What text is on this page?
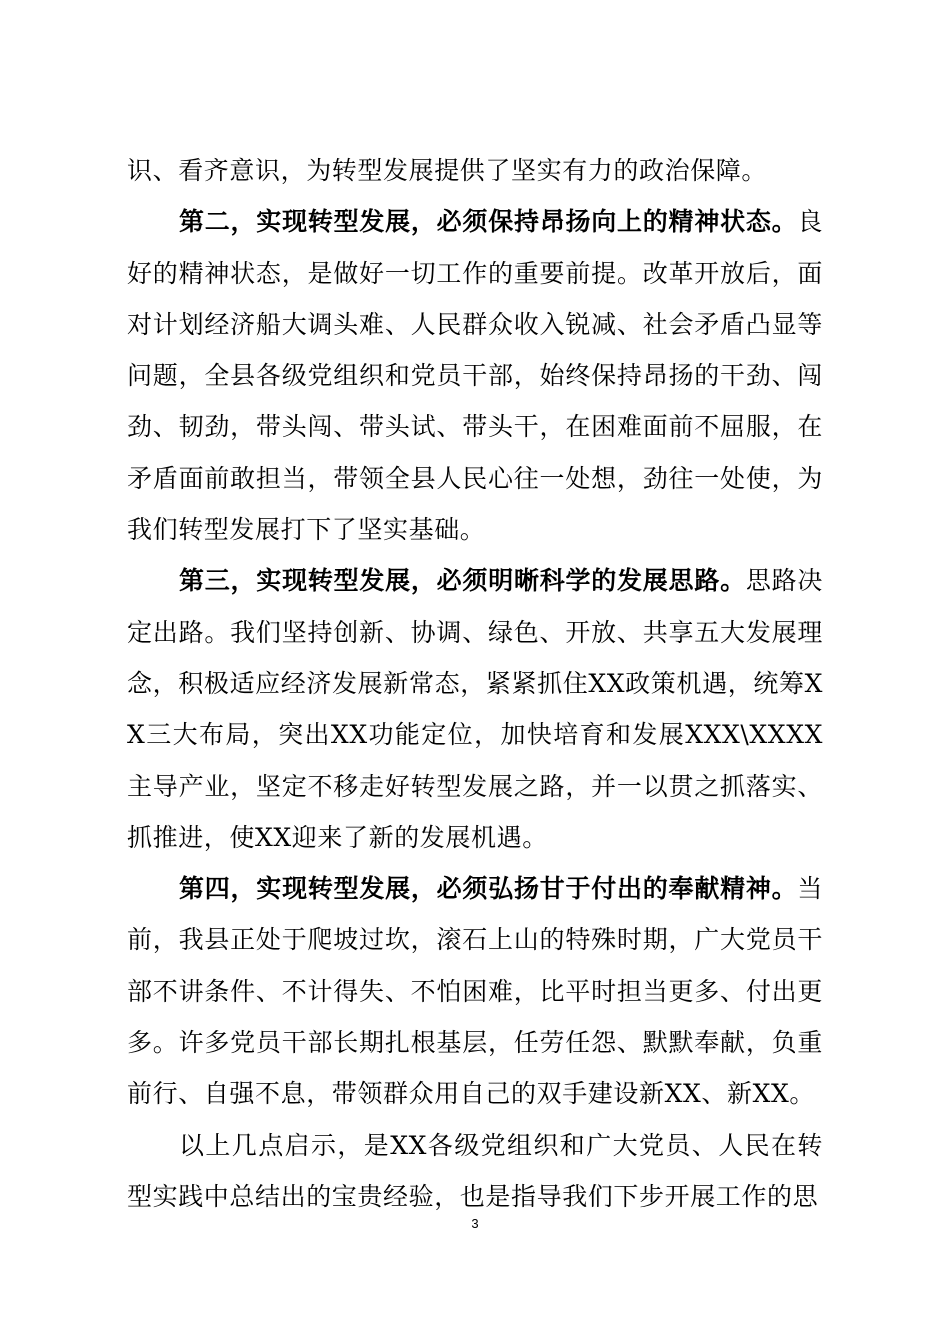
识、看齐意识，为转型发展提供了坚实有力的政治保障。

第二，实现转型发展，必须保持昂扬向上的精神状态。良好的精神状态，是做好一切工作的重要前提。改革开放后，面对计划经济船大调头难、人民群众收入锐减、社会矛盾凸显等问题，全县各级党组织和党员干部，始终保持昂扬的干劲、闯劲、韧劲，带头闯、带头试、带头干，在困难面前不屈服，在矛盾面前敢担当，带领全县人民心往一处想，劲往一处使，为我们转型发展打下了坚实基础。

第三，实现转型发展，必须明晰科学的发展思路。思路决定出路。我们坚持创新、协调、绿色、开放、共享五大发展理念，积极适应经济发展新常态，紧紧抓住XX政策机遇，统筹XX三大布局，突出XX功能定位，加快培育和发展XXX\XXXX主导产业，坚定不移走好转型发展之路，并一以贯之抓落实、抓推进，使XX迎来了新的发展机遇。

第四，实现转型发展，必须弘扬甘于付出的奉献精神。当前，我县正处于爬坡过坎，滚石上山的特殊时期，广大党员干部不讲条件、不计得失、不怕困难，比平时担当更多、付出更多。许多党员干部长期扎根基层，任劳任怨、默默奉献，负重前行、自强不息，带领群众用自己的双手建设新XX、新XX。

以上几点启示，是XX各级党组织和广大党员、人民在转型实践中总结出的宝贵经验，也是指导我们下步开展工作的思

3
